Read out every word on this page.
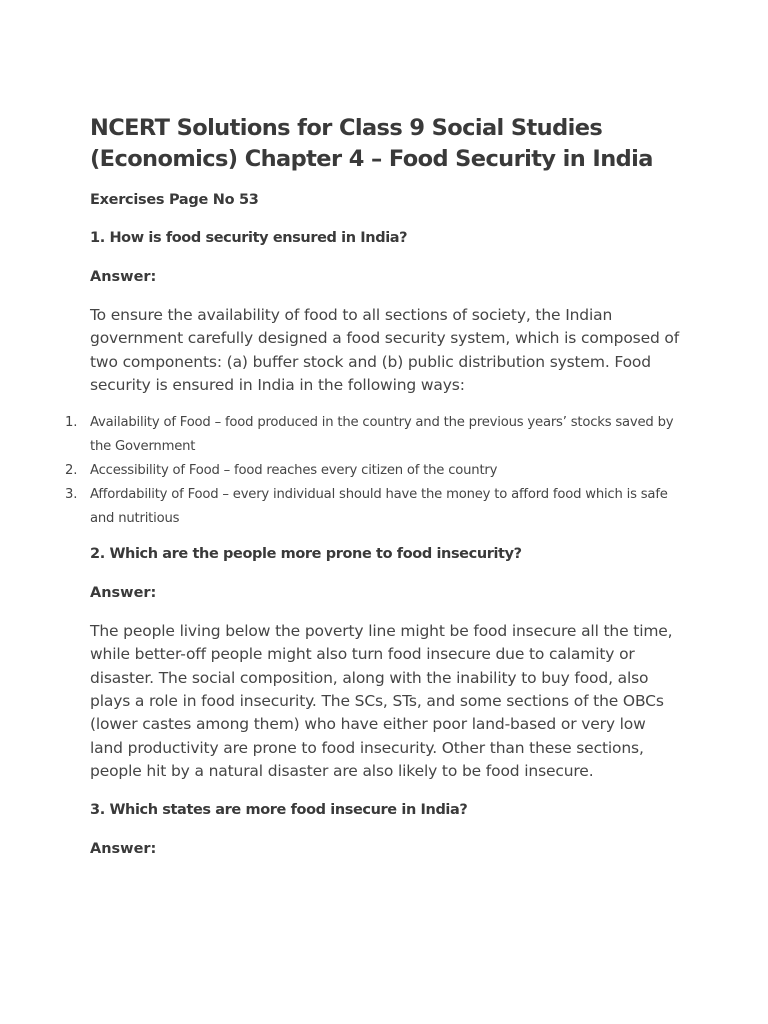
NCERT Solutions for Class 9 Social Studies (Economics) Chapter 4 – Food Security in India

Exercises Page No 53

1. How is food security ensured in India?

Answer:

To ensure the availability of food to all sections of society, the Indian government carefully designed a food security system, which is composed of two components: (a) buffer stock and (b) public distribution system. Food security is ensured in India in the following ways:

1. Availability of Food – food produced in the country and the previous years’ stocks saved by the Government
2. Accessibility of Food – food reaches every citizen of the country
3. Affordability of Food – every individual should have the money to afford food which is safe and nutritious

2. Which are the people more prone to food insecurity?

Answer:

The people living below the poverty line might be food insecure all the time, while better-off people might also turn food insecure due to calamity or disaster. The social composition, along with the inability to buy food, also plays a role in food insecurity. The SCs, STs, and some sections of the OBCs (lower castes among them) who have either poor land-based or very low land productivity are prone to food insecurity. Other than these sections, people hit by a natural disaster are also likely to be food insecure.

3. Which states are more food insecure in India?

Answer:
